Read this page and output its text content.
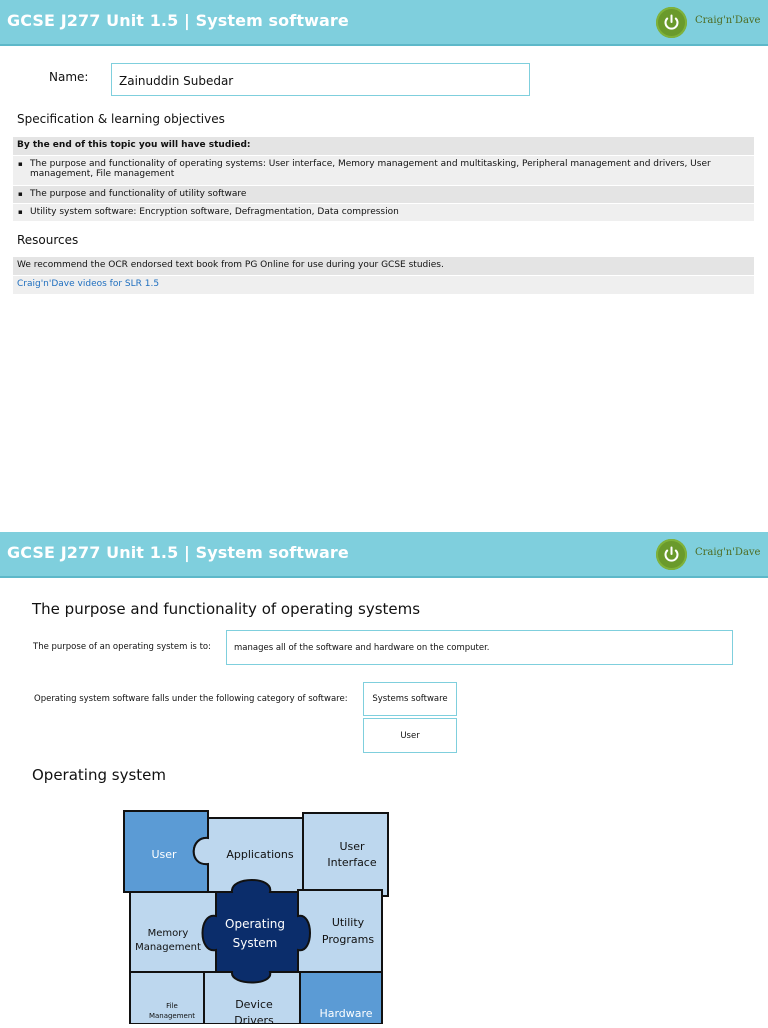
GCSE J277 Unit 1.5 | System software	Craig'n'Dave
Name:	Zainuddin Subedar
Specification & learning objectives
By the end of this topic you will have studied:
▪ The purpose and functionality of operating systems: User interface, Memory management and multitasking, Peripheral management and drivers, User management, File management
▪ The purpose and functionality of utility software
▪ Utility system software: Encryption software, Defragmentation, Data compression
Resources
We recommend the OCR endorsed text book from PG Online for use during your GCSE studies.
Craig'n'Dave videos for SLR 1.5
GCSE J277 Unit 1.5 | System software	Craig'n'Dave
The purpose and functionality of operating systems
The purpose of an operating system is to:	manages all of the software and hardware on the computer.
Operating system software falls under the following category of software:	Systems software
User
Operating system
User	Applications
User
Interface
Memory
Management
Operating
System
Utility
Programs
File
Management
Device
Drivers
Hardware
